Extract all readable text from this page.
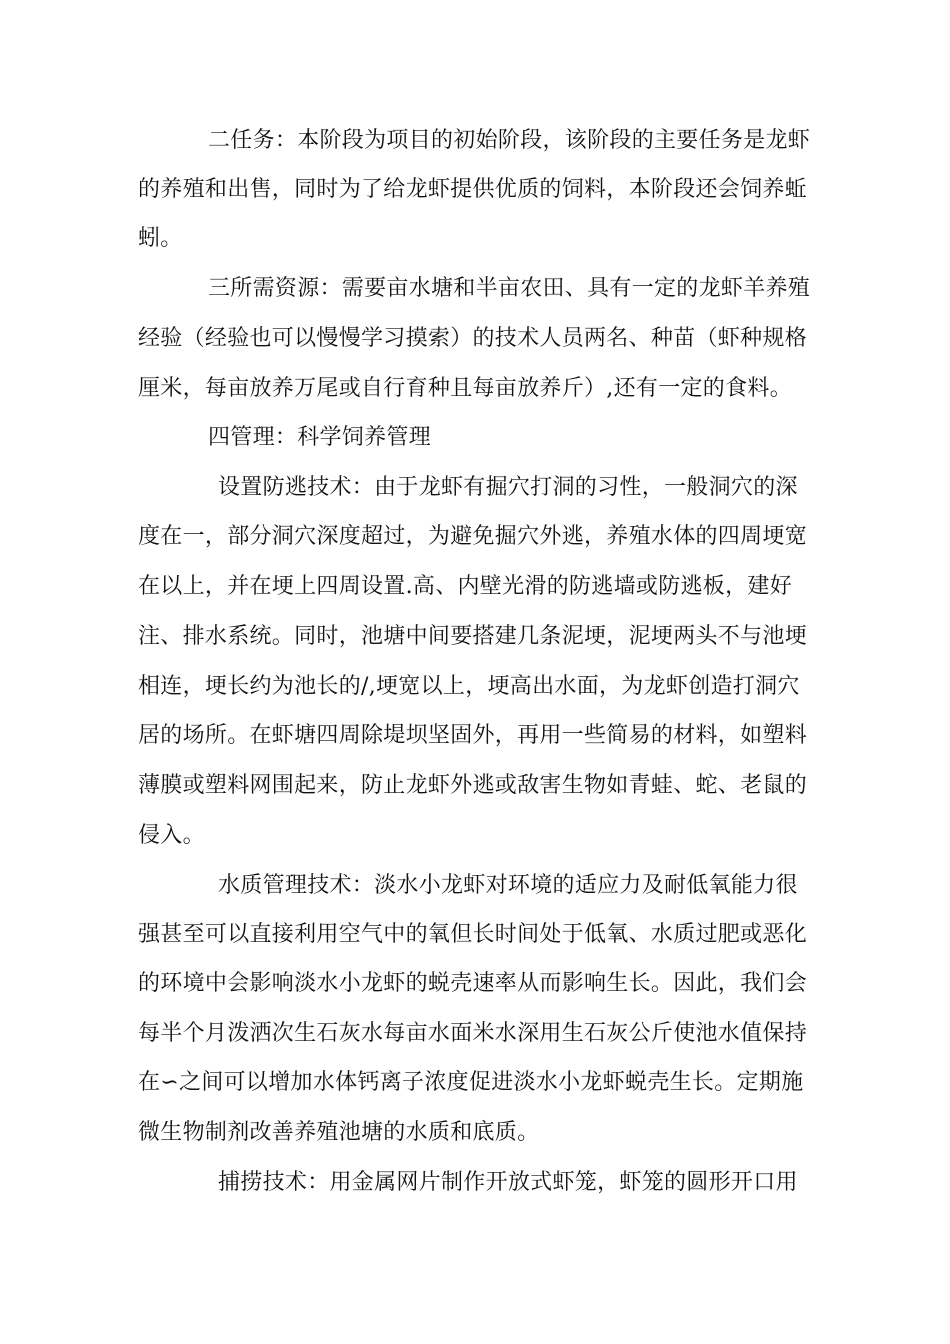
二任务：本阶段为项目的初始阶段，该阶段的主要任务是龙虾
的养殖和出售，同时为了给龙虾提供优质的饲料，本阶段还会饲养蚯
蚓。
三所需资源：需要亩水塘和半亩农田、具有一定的龙虾羊养殖
经验（经验也可以慢慢学习摸索）的技术人员两名、种苗（虾种规格
厘米，每亩放养万尾或自行育种且每亩放养斤）,还有一定的食料。
四管理：科学饲养管理
设置防逃技术：由于龙虾有掘穴打洞的习性，一般洞穴的深
度在一，部分洞穴深度超过，为避免掘穴外逃，养殖水体的四周埂宽
在以上，并在埂上四周设置.高、内壁光滑的防逃墙或防逃板，建好
注、排水系统。同时，池塘中间要搭建几条泥埂，泥埂两头不与池埂
相连，埂长约为池长的/,埂宽以上，埂高出水面，为龙虾创造打洞穴
居的场所。在虾塘四周除堤坝坚固外，再用一些简易的材料，如塑料
薄膜或塑料网围起来，防止龙虾外逃或敌害生物如青蛙、蛇、老鼠的
侵入。
水质管理技术：淡水小龙虾对环境的适应力及耐低氧能力很
强甚至可以直接利用空气中的氧但长时间处于低氧、水质过肥或恶化
的环境中会影响淡水小龙虾的蜕壳速率从而影响生长。因此，我们会
每半个月泼洒次生石灰水每亩水面米水深用生石灰公斤使池水值保持
在∽之间可以增加水体钙离子浓度促进淡水小龙虾蜕壳生长。定期施
微生物制剂改善养殖池塘的水质和底质。
捕捞技术：用金属网片制作开放式虾笼，虾笼的圆形开口用
